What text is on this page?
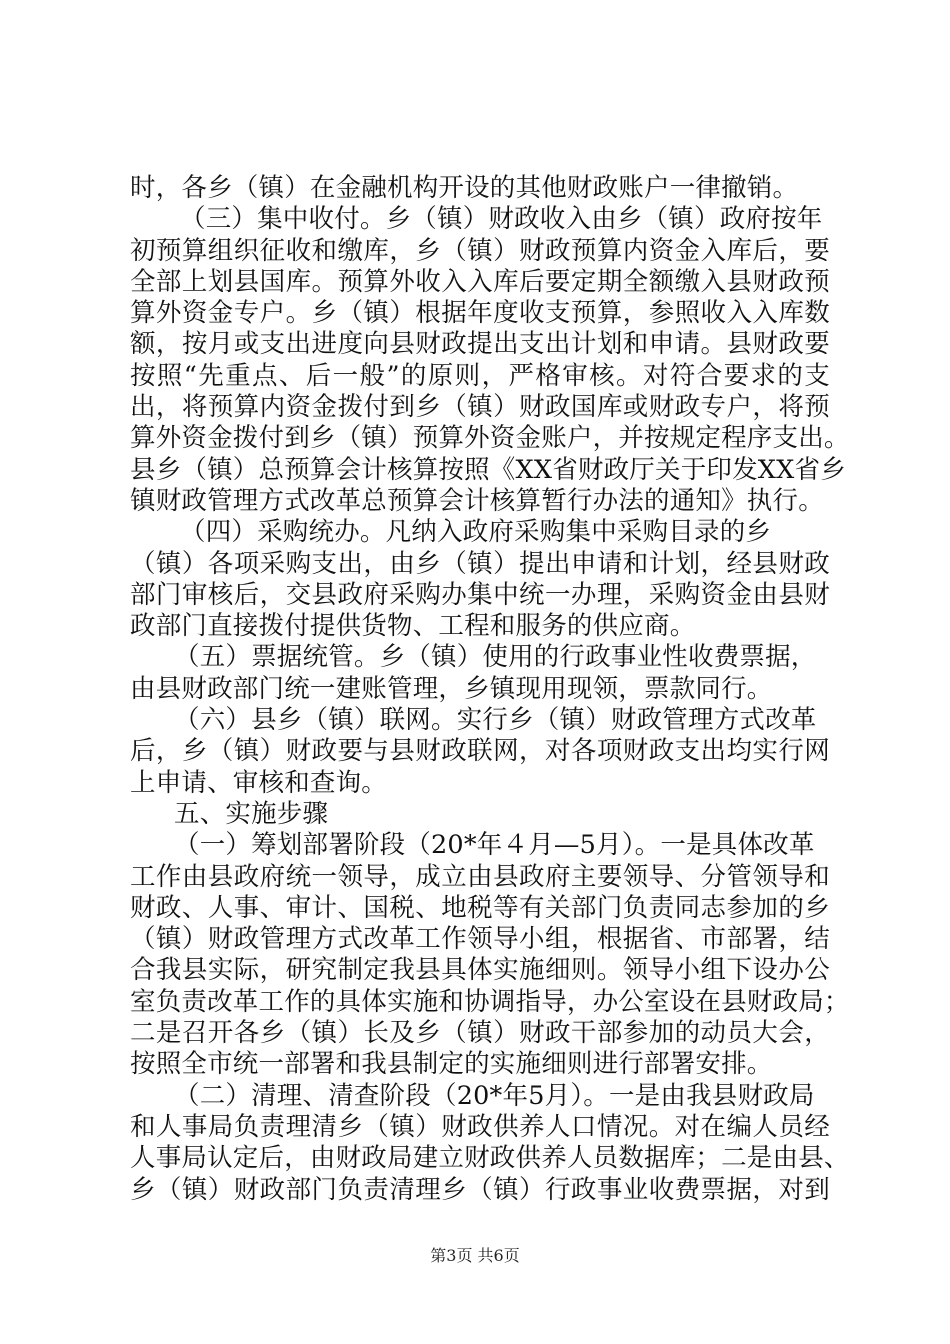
时，各乡（镇）在金融机构开设的其他财政账户一律撤销。
（三）集中收付。乡（镇）财政收入由乡（镇）政府按年
初预算组织征收和缴库，乡（镇）财政预算内资金入库后，要
全部上划县国库。预算外收入入库后要定期全额缴入县财政预
算外资金专户。乡（镇）根据年度收支预算，参照收入入库数
额，按月或支出进度向县财政提出支出计划和申请。县财政要
按照“先重点、后一般”的原则，严格审核。对符合要求的支
出，将预算内资金拨付到乡（镇）财政国库或财政专户，将预
算外资金拨付到乡（镇）预算外资金账户，并按规定程序支出。
县乡（镇）总预算会计核算按照《XX省财政厅关于印发XX省乡
镇财政管理方式改革总预算会计核算暂行办法的通知》执行。
（四）采购统办。凡纳入政府采购集中采购目录的乡
（镇）各项采购支出，由乡（镇）提出申请和计划，经县财政
部门审核后，交县政府采购办集中统一办理，采购资金由县财
政部门直接拨付提供货物、工程和服务的供应商。
（五）票据统管。乡（镇）使用的行政事业性收费票据，
由县财政部门统一建账管理，乡镇现用现领，票款同行。
（六）县乡（镇）联网。实行乡（镇）财政管理方式改革
后，乡（镇）财政要与县财政联网，对各项财政支出均实行网
上申请、审核和查询。
五、实施步骤
（一）筹划部署阶段（20*年４月—5月）。一是具体改革
工作由县政府统一领导，成立由县政府主要领导、分管领导和
财政、人事、审计、国税、地税等有关部门负责同志参加的乡
（镇）财政管理方式改革工作领导小组，根据省、市部署，结
合我县实际，研究制定我县具体实施细则。领导小组下设办公
室负责改革工作的具体实施和协调指导，办公室设在县财政局；
二是召开各乡（镇）长及乡（镇）财政干部参加的动员大会，
按照全市统一部署和我县制定的实施细则进行部署安排。
（二）清理、清查阶段（20*年5月）。一是由我县财政局
和人事局负责理清乡（镇）财政供养人口情况。对在编人员经
人事局认定后，由财政局建立财政供养人员数据库；二是由县、
乡（镇）财政部门负责清理乡（镇）行政事业收费票据，对到
第3页 共6页
